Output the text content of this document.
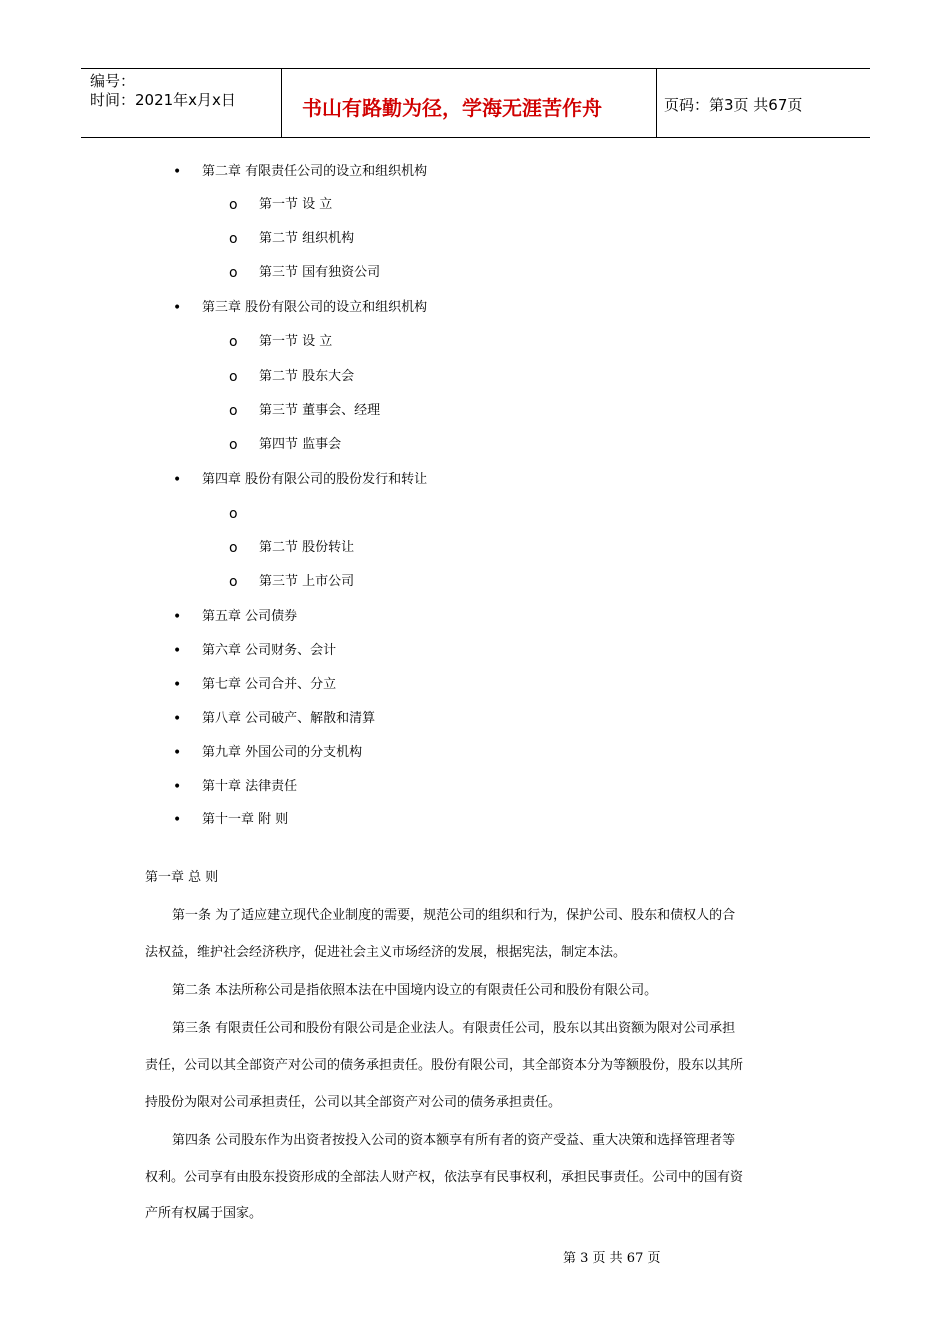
编号：
时间：2021年x月x日	书山有路勤为径，学海无涯苦作舟	页码：第3页 共67页
• 第二章 有限责任公司的设立和组织机构
o 第一节 设 立
o 第二节 组织机构
o 第三节 国有独资公司
• 第三章 股份有限公司的设立和组织机构
o 第一节 设 立
o 第二节 股东大会
o 第三节 董事会、经理
o 第四节 监事会
• 第四章 股份有限公司的股份发行和转让
o
o 第二节 股份转让
o 第三节 上市公司
• 第五章 公司债券
• 第六章 公司财务、会计
• 第七章 公司合并、分立
• 第八章 公司破产、解散和清算
• 第九章 外国公司的分支机构
• 第十章 法律责任
• 第十一章 附 则
第一章 总 则
第一条 为了适应建立现代企业制度的需要，规范公司的组织和行为，保护公司、股东和债权人的合
法权益，维护社会经济秩序，促进社会主义市场经济的发展，根据宪法，制定本法。
第二条 本法所称公司是指依照本法在中国境内设立的有限责任公司和股份有限公司。
第三条 有限责任公司和股份有限公司是企业法人。有限责任公司，股东以其出资额为限对公司承担
责任，公司以其全部资产对公司的债务承担责任。股份有限公司，其全部资本分为等额股份，股东以其所
持股份为限对公司承担责任，公司以其全部资产对公司的债务承担责任。
第四条 公司股东作为出资者按投入公司的资本额享有所有者的资产受益、重大决策和选择管理者等
权利。公司享有由股东投资形成的全部法人财产权，依法享有民事权利，承担民事责任。公司中的国有资
产所有权属于国家。
第 3 页 共 67 页
